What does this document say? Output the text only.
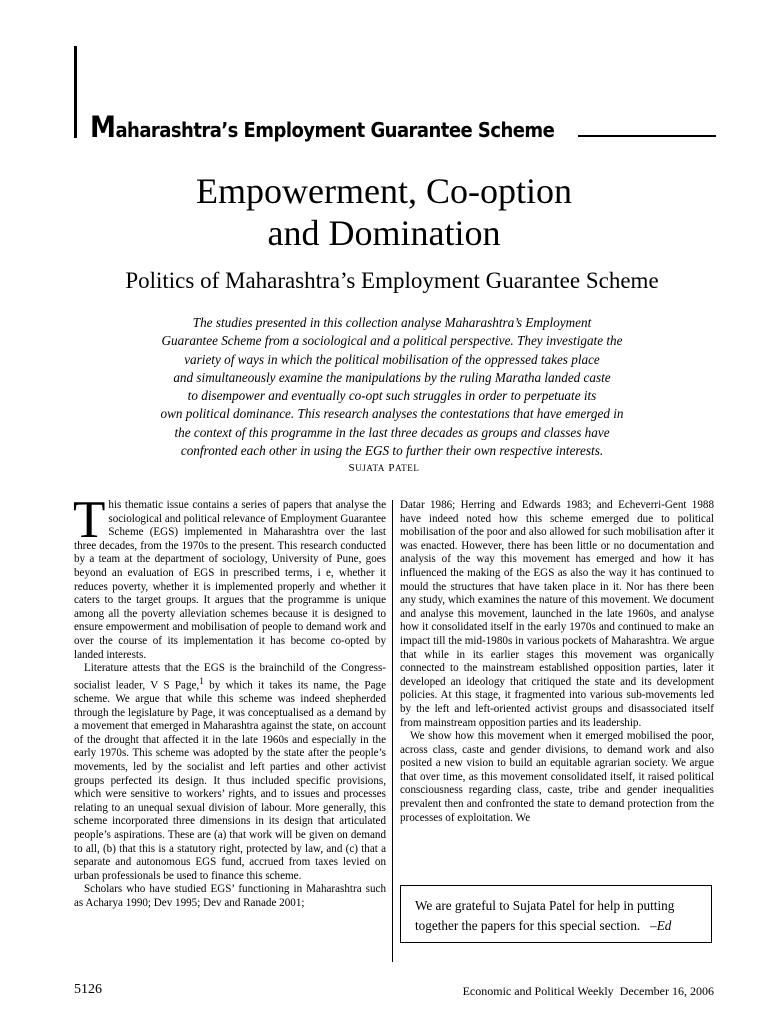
Maharashtra’s Employment Guarantee Scheme
Empowerment, Co-option
and Domination
Politics of Maharashtra’s Employment Guarantee Scheme
The studies presented in this collection analyse Maharashtra’s Employment
Guarantee Scheme from a sociological and a political perspective. They investigate the
variety of ways in which the political mobilisation of the oppressed takes place
and simultaneously examine the manipulations by the ruling Maratha landed caste
to disempower and eventually co-opt such struggles in order to perpetuate its
own political dominance. This research analyses the contestations that have emerged in
the context of this programme in the last three decades as groups and classes have
confronted each other in using the EGS to further their own respective interests.
SUJATA PATEL

This thematic issue contains a series of papers that analyse the sociological and political relevance of Employment Guarantee Scheme (EGS) implemented in Maharashtra over the last three decades, from the 1970s to the present. This research conducted by a team at the department of sociology, University of Pune, goes beyond an evaluation of EGS in prescribed terms, i e, whether it reduces poverty, whether it is implemented properly and whether it caters to the target groups. It argues that the programme is unique among all the poverty alleviation schemes because it is designed to ensure empowerment and mobilisation of people to demand work and over the course of its implementation it has become co-opted by landed interests.

Literature attests that the EGS is the brainchild of the Congress-socialist leader, V S Page,$^1$ by which it takes its name, the Page scheme. We argue that while this scheme was indeed shepherded through the legislature by Page, it was conceptualised as a demand by a movement that emerged in Maharashtra against the state, on account of the drought that affected it in the late 1960s and especially in the early 1970s. This scheme was adopted by the state after the people’s movements, led by the socialist and left parties and other activist groups perfected its design. It thus included specific provisions, which were sensitive to workers’ rights, and to issues and processes relating to an unequal sexual division of labour. More generally, this scheme incorporated three dimensions in its design that articulated people’s aspirations. These are (a) that work will be given on demand to all, (b) that this is a statutory right, protected by law, and (c) that a separate and autonomous EGS fund, accrued from taxes levied on urban professionals be used to finance this scheme.

Scholars who have studied EGS’ functioning in Maharashtra such as Acharya 1990; Dev 1995; Dev and Ranade 2001;

Datar 1986; Herring and Edwards 1983; and Echeverri-Gent 1988 have indeed noted how this scheme emerged due to political mobilisation of the poor and also allowed for such mobilisation after it was enacted. However, there has been little or no documentation and analysis of the way this movement has emerged and how it has influenced the making of the EGS as also the way it has continued to mould the structures that have taken place in it. Nor has there been any study, which examines the nature of this movement. We document and analyse this movement, launched in the late 1960s, and analyse how it consolidated itself in the early 1970s and continued to make an impact till the mid-1980s in various pockets of Maharashtra. We argue that while in its earlier stages this movement was organically connected to the mainstream established opposition parties, later it developed an ideology that critiqued the state and its development policies. At this stage, it fragmented into various sub-movements led by the left and left-oriented activist groups and disassociated itself from mainstream opposition parties and its leadership.

We show how this movement when it emerged mobilised the poor, across class, caste and gender divisions, to demand work and also posited a new vision to build an equitable agrarian society. We argue that over time, as this movement consolidated itself, it raised political consciousness regarding class, caste, tribe and gender inequalities prevalent then and confronted the state to demand protection from the processes of exploitation. We

We are grateful to Sujata Patel for help in putting together the papers for this special section. –Ed
5126	Economic and Political Weekly December 16, 2006
